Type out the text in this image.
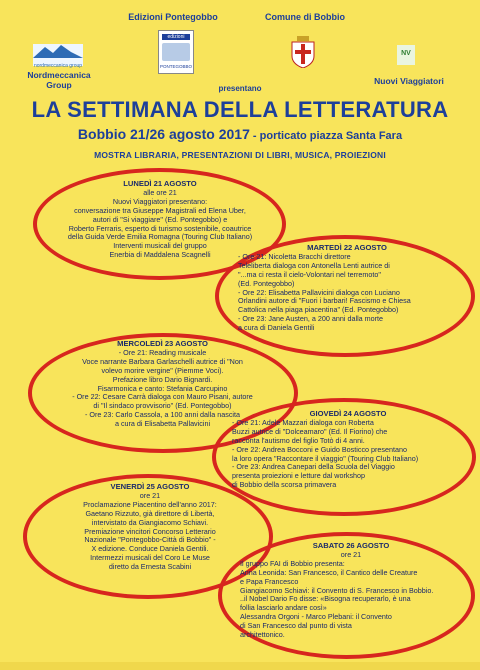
Edizioni Pontegobbo	Comune di Bobbio
nordmeccanica group
Nordmeccanica Group
edizioni
PONTEGOBBO
NV
Nuovi Viaggiatori
presentano
LA SETTIMANA DELLA LETTERATURA
Bobbio 21/26 agosto 2017 - porticato piazza Santa Fara
MOSTRA LIBRARIA, PRESENTAZIONI DI LIBRI, MUSICA, PROIEZIONI
LUNEDÌ 21 AGOSTO
alle ore 21
Nuovi Viaggiatori presentano:
conversazione tra Giuseppe Magistrali ed Elena Uber,
autori di "Si viaggiare" (Ed. Pontegobbo) e
Roberto Ferraris, esperto di turismo sostenibile, coautrice
della Guida Verde Emilia Romagna (Touring Club Italiano)
Interventi musicali del gruppo
Enerbia di Maddalena Scagnelli
MARTEDÌ 22 AGOSTO
- Ore 21: Nicoletta Bracchi direttore
Teleliberta dialoga con Antonella Lenti autrice di
"...ma ci resta il cielo-Volontari nel terremoto"
(Ed. Pontegobbo)
- Ore 22: Elisabetta Pallavicini dialoga con Luciano
Orlandini autore di "Fuori i barbari! Fascismo e Chiesa
Cattolica nella piaga piacentina" (Ed. Pontegobbo)
- Ore 23: Jane Austen, a 200 anni dalla morte
a cura di Daniela Gentili
MERCOLEDÌ 23 AGOSTO
- Ore 21: Reading musicale
Voce narrante Barbara Garlaschelli autrice di "Non
volevo morire vergine" (Piemme Voci).
Prefazione libro Dario Bignardi.
Fisarmonica e canto: Stefania Carcupino
- Ore 22: Cesare Carrà dialoga con Mauro Pisani, autore
di "Il sindaco provvisorio" (Ed. Pontegobbo)
- Ore 23: Carlo Cassola, a 100 anni dalla nascita
a cura di Elisabetta Pallavicini
GIOVEDÌ 24 AGOSTO
- Ore 21: Adele Mazzari dialoga con Roberta
Buzzi autrice di "Dolceamaro" (Ed. Il Fiorino) che
racconta l'autismo del figlio Totò di 4 anni.
- Ore 22: Andrea Bocconi e Guido Bosticco presentano
la loro opera "Raccontare il viaggio" (Touring Club Italiano)
- Ore 23: Andrea Canepari della Scuola del Viaggio
presenta proiezioni e letture dal workshop
di Bobbio della scorsa primavera
VENERDÌ 25 AGOSTO
ore 21
Proclamazione Piacentino dell'anno 2017:
Gaetano Rizzuto, già direttore di Libertà,
intervistato da Giangiacomo Schiavi.
Premiazione vincitori Concorso Letterario
Nazionale "Pontegobbo-Città di Bobbio" -
X edizione. Conduce Daniela Gentili.
Intermezzi musicali del Coro Le Muse
diretto da Ernesta Scabini
SABATO 26 AGOSTO
ore 21
Il gruppo FAI di Bobbio presenta:
Anna Leonida: San Francesco, il Cantico delle Creature
e Papa Francesco
Giangiacomo Schiavi: il Convento di S. Francesco in Bobbio.
..il Nobel Dario Fo disse: «Bisogna recuperarlo, è una
follia lasciarlo andare così»
Alessandra Orgoni - Marco Plebani: il Convento
di San Francesco dal punto di vista
architettonico.
